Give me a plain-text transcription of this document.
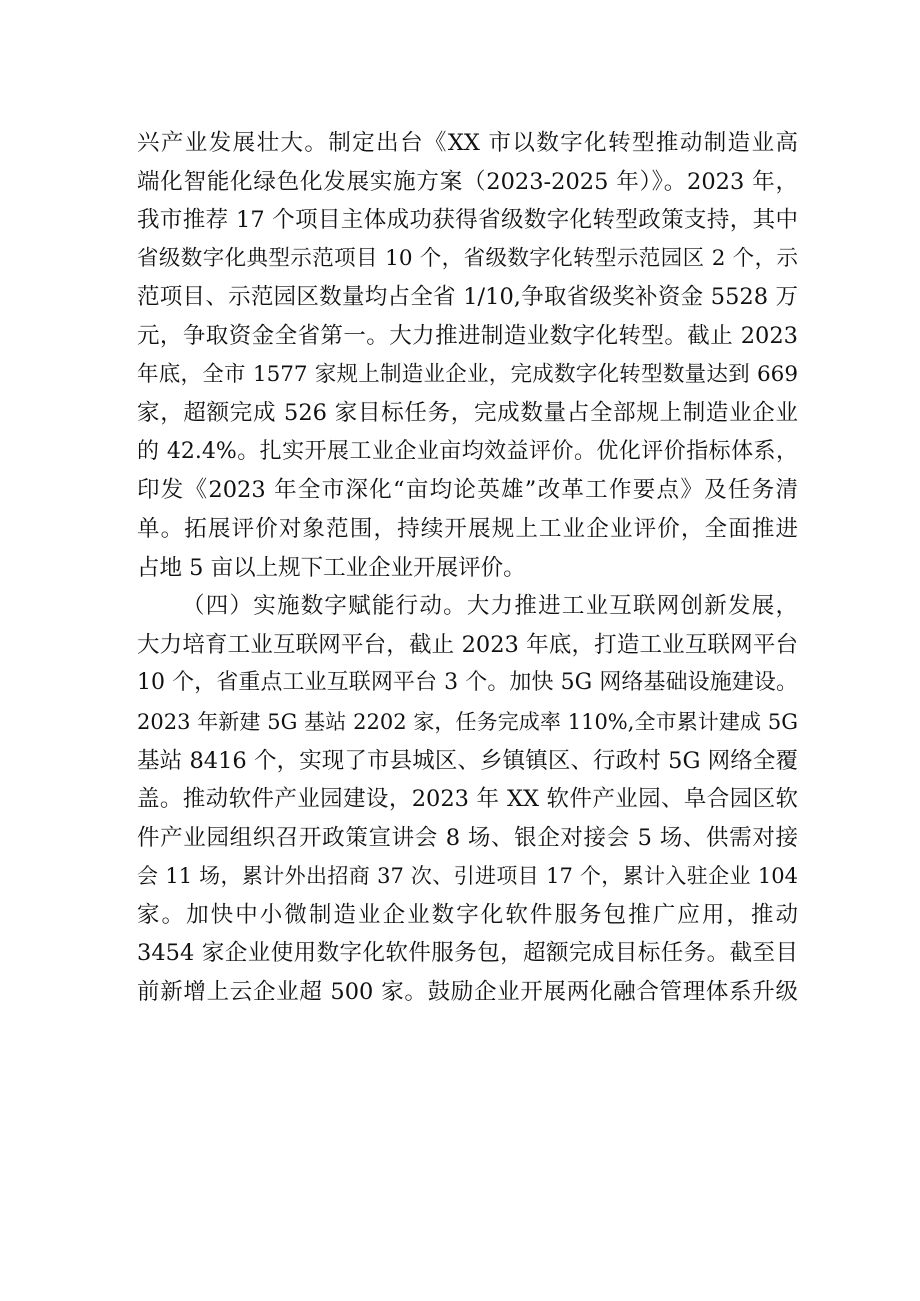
兴产业发展壮大。制定出台《XX 市以数字化转型推动制造业高
端化智能化绿色化发展实施方案（2023-2025 年）》。2023 年，
我市推荐 17 个项目主体成功获得省级数字化转型政策支持，其中
省级数字化典型示范项目 10 个，省级数字化转型示范园区 2 个，示
范项目、示范园区数量均占全省 1/10,争取省级奖补资金 5528 万
元，争取资金全省第一。大力推进制造业数字化转型。截止 2023
年底，全市 1577 家规上制造业企业，完成数字化转型数量达到 669
家，超额完成 526 家目标任务，完成数量占全部规上制造业企业
的 42.4%。扎实开展工业企业亩均效益评价。优化评价指标体系，
印发《2023 年全市深化“亩均论英雄”改革工作要点》及任务清
单。拓展评价对象范围，持续开展规上工业企业评价，全面推进
占地 5 亩以上规下工业企业开展评价。
（四）实施数字赋能行动。大力推进工业互联网创新发展，
大力培育工业互联网平台，截止 2023 年底，打造工业互联网平台
10 个，省重点工业互联网平台 3 个。加快 5G 网络基础设施建设。
2023 年新建 5G 基站 2202 家，任务完成率 110%,全市累计建成 5G
基站 8416 个，实现了市县城区、乡镇镇区、行政村 5G 网络全覆
盖。推动软件产业园建设，2023 年 XX 软件产业园、阜合园区软
件产业园组织召开政策宣讲会 8 场、银企对接会 5 场、供需对接
会 11 场，累计外出招商 37 次、引进项目 17 个，累计入驻企业 104
家。加快中小微制造业企业数字化软件服务包推广应用，推动
3454 家企业使用数字化软件服务包，超额完成目标任务。截至目
前新增上云企业超 500 家。鼓励企业开展两化融合管理体系升级
